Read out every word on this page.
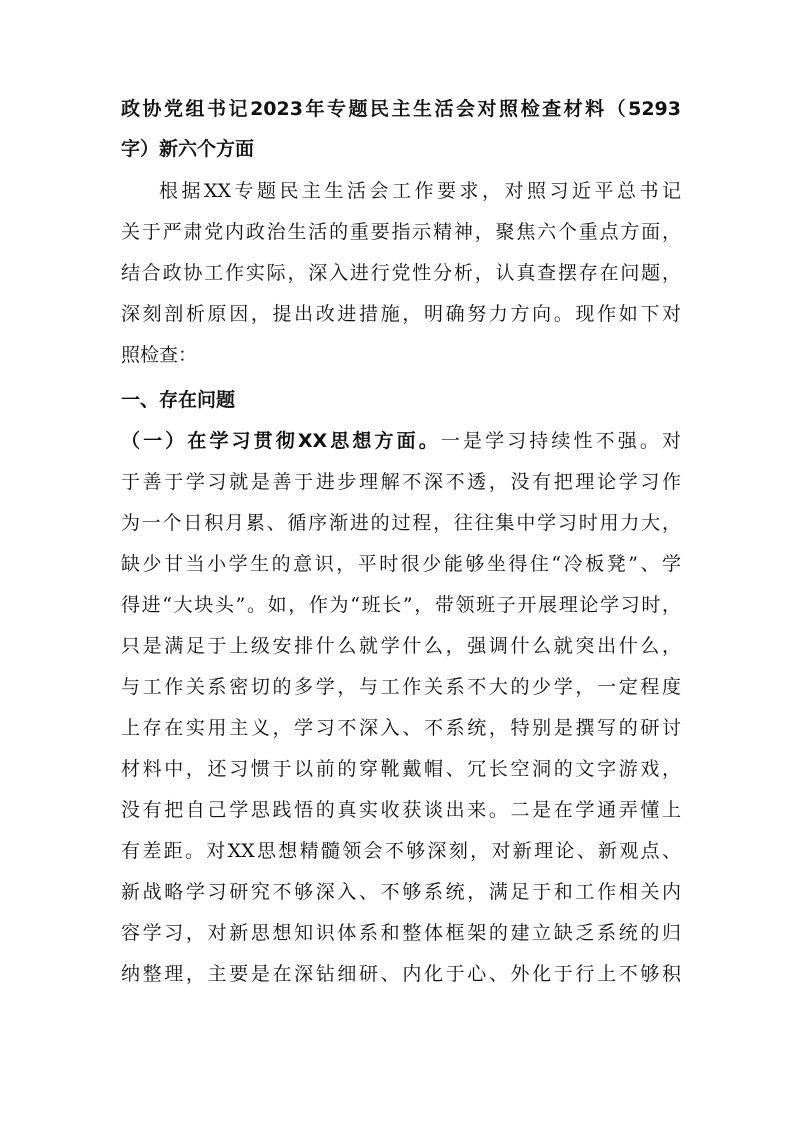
政协党组书记2023年专题民主生活会对照检查材料（5293
字）新六个方面
根据XX专题民主生活会工作要求，对照习近平总书记
关于严肃党内政治生活的重要指示精神，聚焦六个重点方面，
结合政协工作实际，深入进行党性分析，认真查摆存在问题，
深刻剖析原因，提出改进措施，明确努力方向。现作如下对
照检查：
一、存在问题
（一）在学习贯彻XX思想方面。一是学习持续性不强。对
于善于学习就是善于进步理解不深不透，没有把理论学习作
为一个日积月累、循序渐进的过程，往往集中学习时用力大，
缺少甘当小学生的意识，平时很少能够坐得住“冷板凳”、学
得进“大块头”。如，作为“班长”，带领班子开展理论学习时，
只是满足于上级安排什么就学什么，强调什么就突出什么，
与工作关系密切的多学，与工作关系不大的少学，一定程度
上存在实用主义，学习不深入、不系统，特别是撰写的研讨
材料中，还习惯于以前的穿靴戴帽、冗长空洞的文字游戏，
没有把自己学思践悟的真实收获谈出来。二是在学通弄懂上
有差距。对XX思想精髓领会不够深刻，对新理论、新观点、
新战略学习研究不够深入、不够系统，满足于和工作相关内
容学习，对新思想知识体系和整体框架的建立缺乏系统的归
纳整理，主要是在深钻细研、内化于心、外化于行上不够积
